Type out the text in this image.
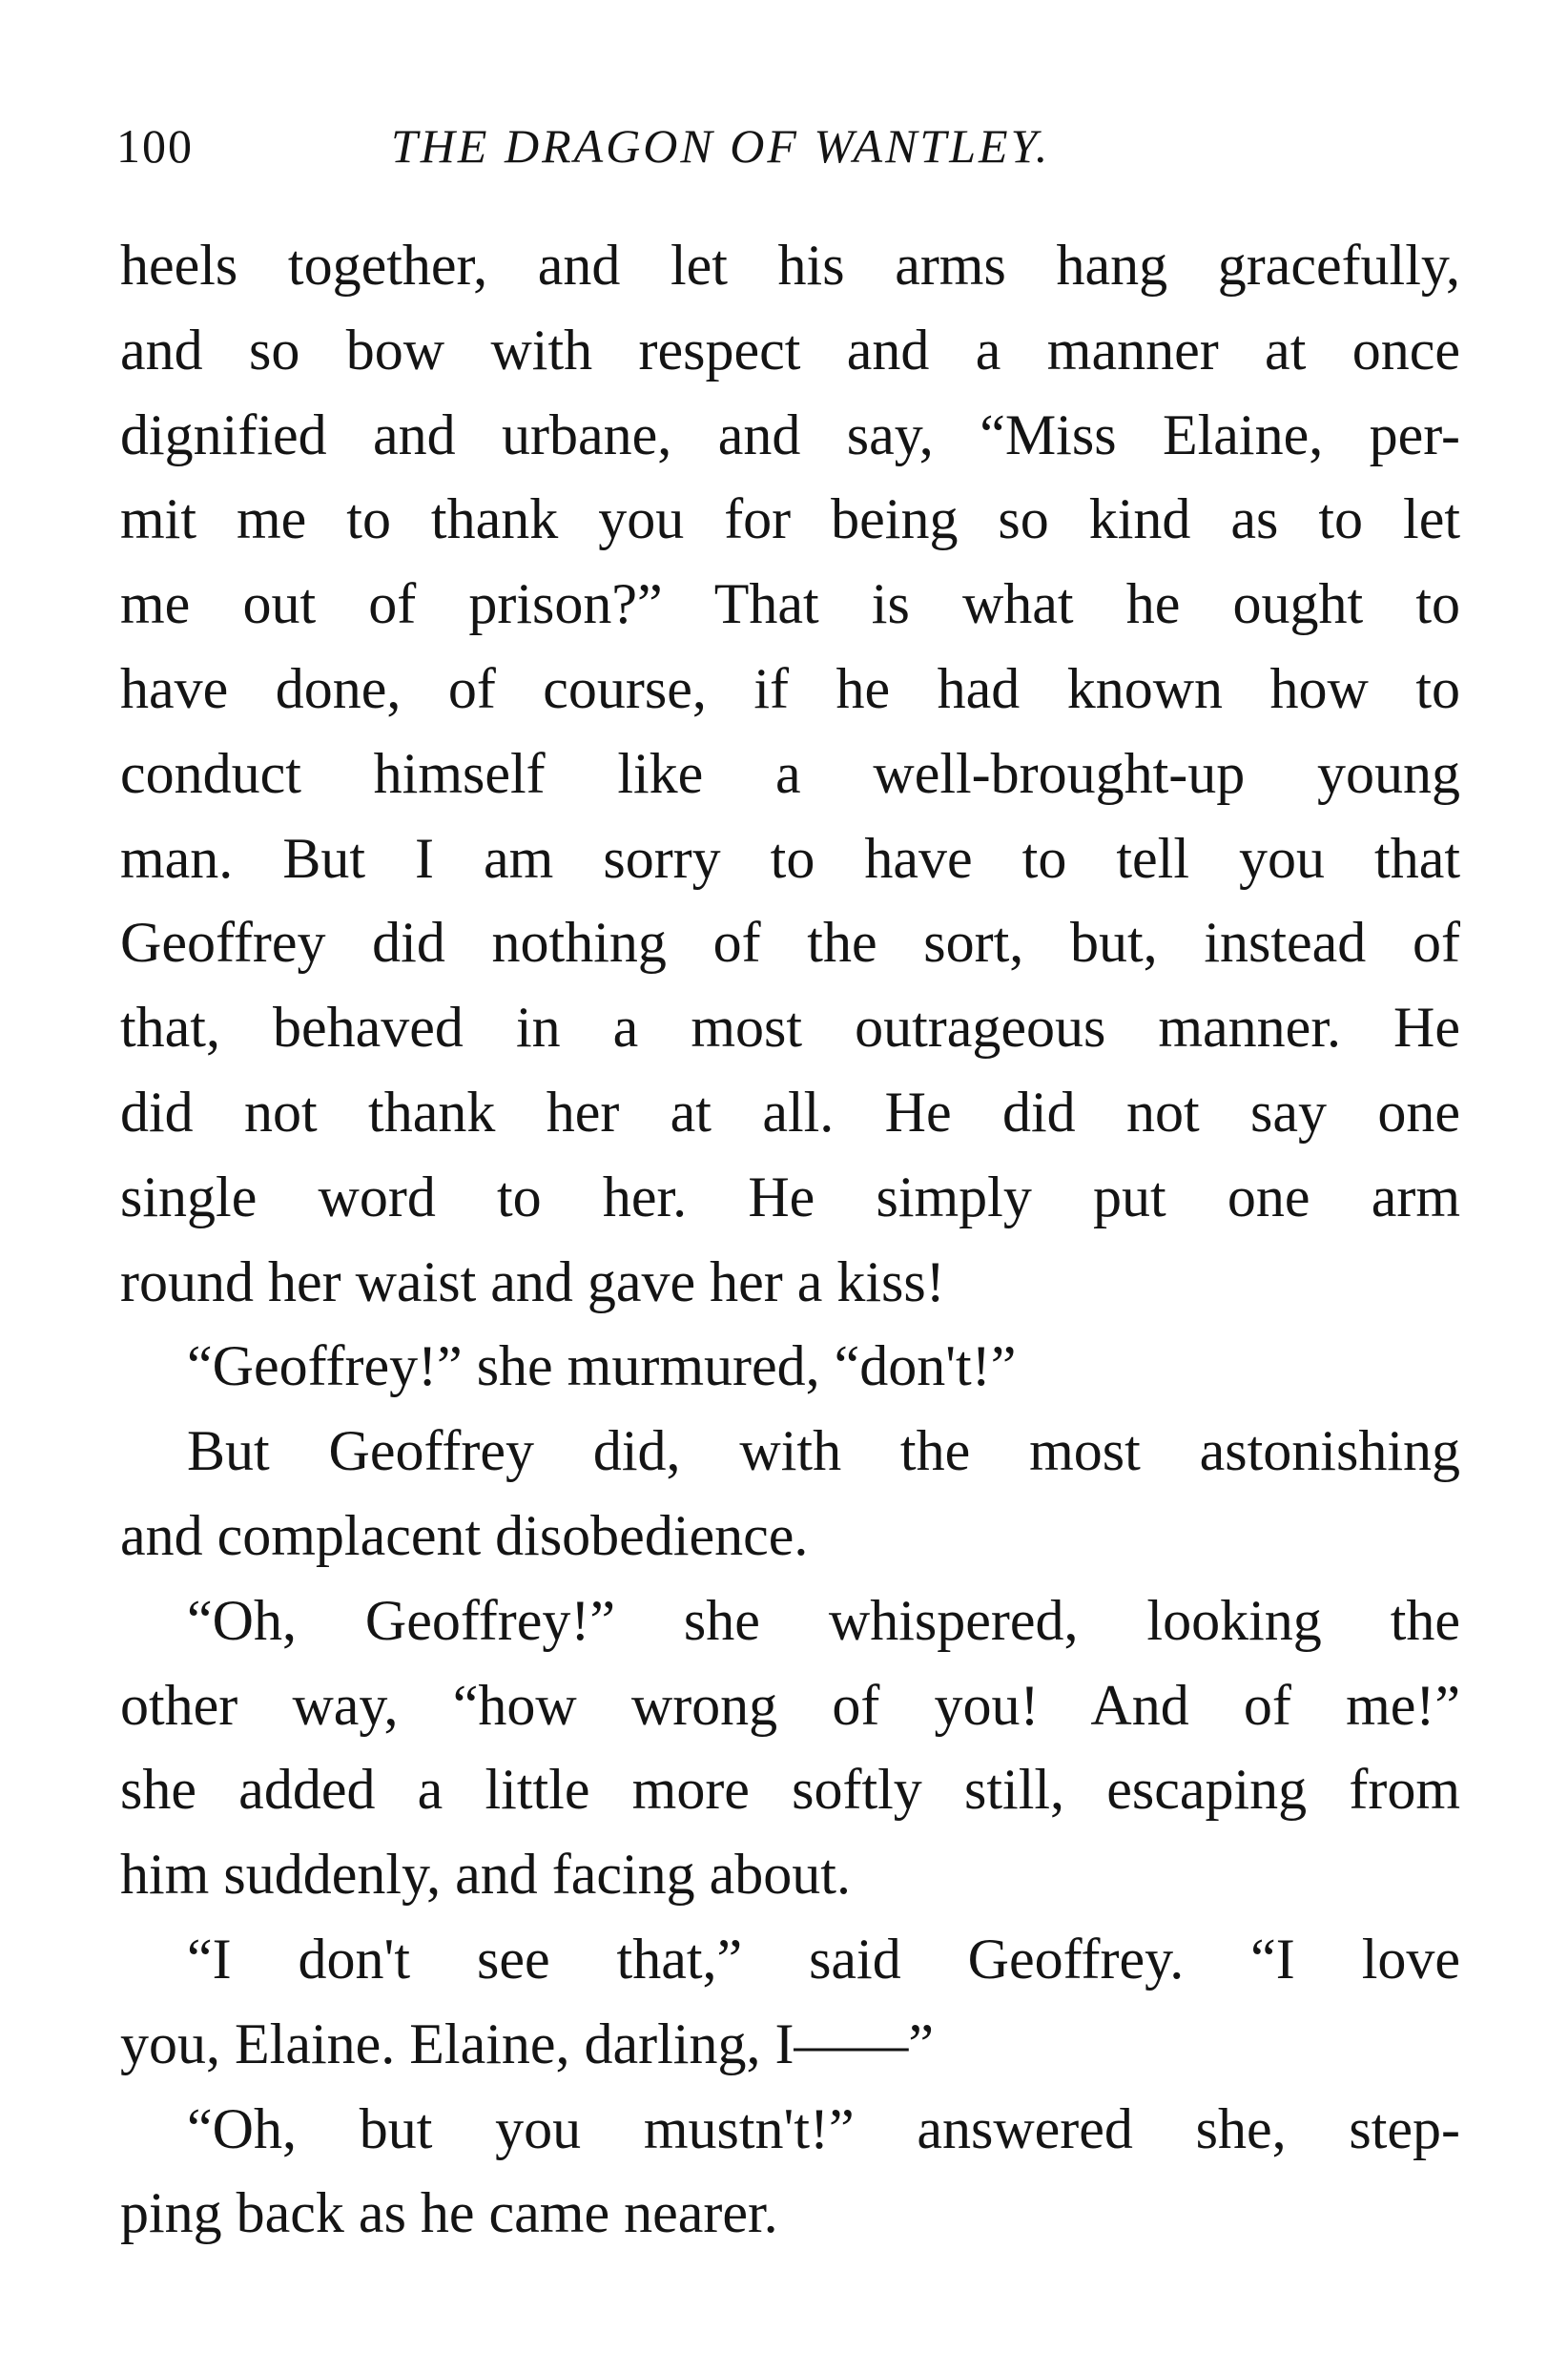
100	THE DRAGON OF WANTLEY.
heels together, and let his arms hang gracefully,
and so bow with respect and a manner at once
dignified and urbane, and say, “Miss Elaine, per-
mit me to thank you for being so kind as to let
me out of prison?” That is what he ought to
have done, of course, if he had known how to
conduct himself like a well-brought-up young
man. But I am sorry to have to tell you that
Geoffrey did nothing of the sort, but, instead of
that, behaved in a most outrageous manner. He
did not thank her at all. He did not say one
single word to her. He simply put one arm
round her waist and gave her a kiss!
“Geoffrey!” she murmured, “don't!”
But Geoffrey did, with the most astonishing
and complacent disobedience.
“Oh, Geoffrey!” she whispered, looking the
other way, “how wrong of you! And of me!”
she added a little more softly still, escaping from
him suddenly, and facing about.
“I don't see that,” said Geoffrey. “I love
you, Elaine. Elaine, darling, I——”
“Oh, but you mustn't!” answered she, step-
ping back as he came nearer.
